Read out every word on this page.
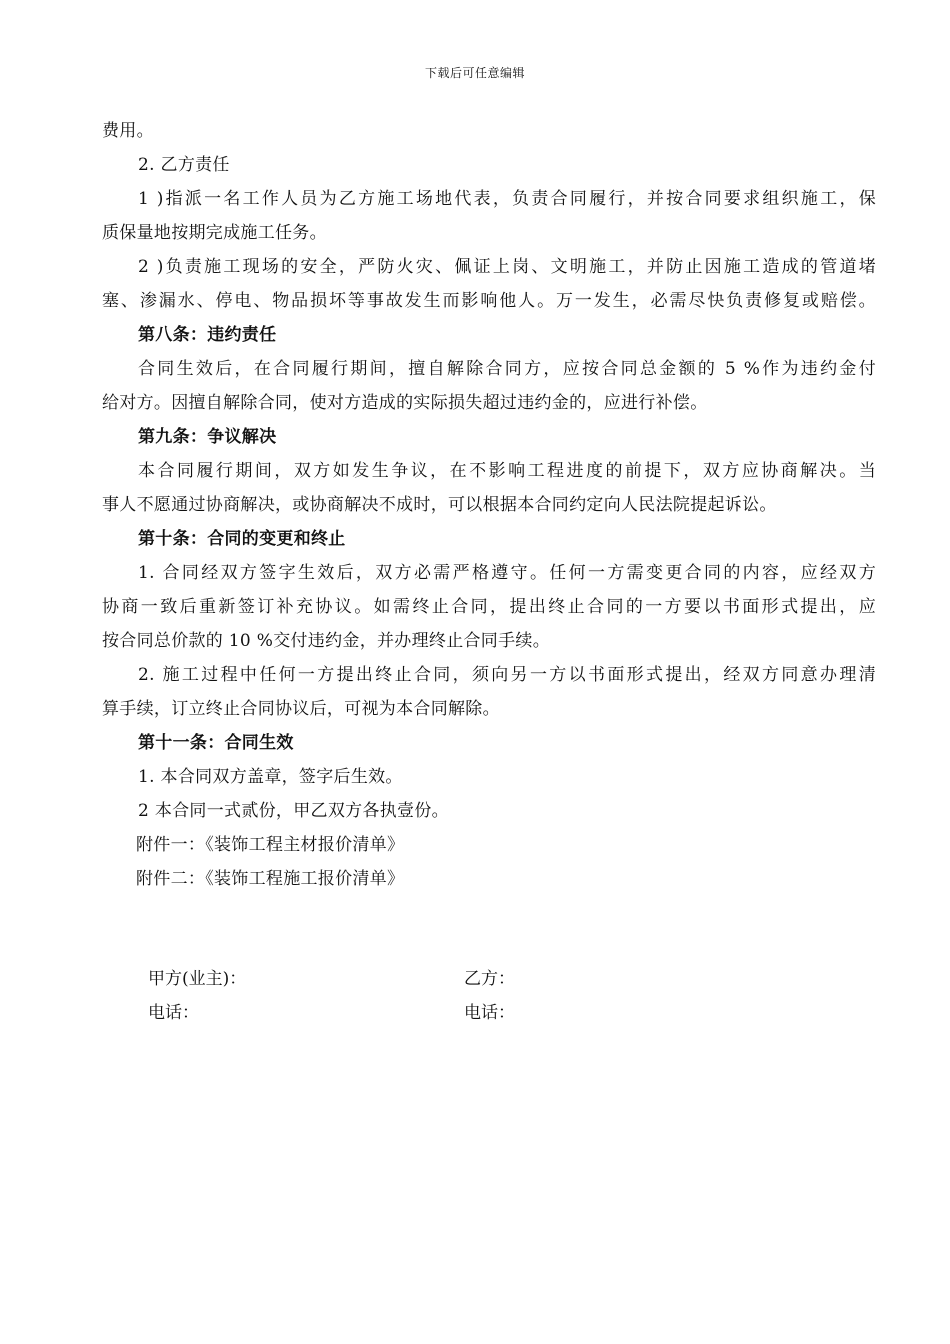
下载后可任意编辑

费用。

2. 乙方责任

1 )指派一名工作人员为乙方施工场地代表，负责合同履行，并按合同要求组织施工，保

质保量地按期完成施工任务。

2 )负责施工现场的安全，严防火灾、佩证上岗、文明施工，并防止因施工造成的管道堵

塞、渗漏水、停电、物品损坏等事故发生而影响他人。万一发生，必需尽快负责修复或赔偿。

第八条：违约责任

合同生效后，在合同履行期间，擅自解除合同方，应按合同总金额的 5 %作为违约金付

给对方。因擅自解除合同，使对方造成的实际损失超过违约金的，应进行补偿。

第九条：争议解决

本合同履行期间，双方如发生争议，在不影响工程进度的前提下，双方应协商解决。当

事人不愿通过协商解决，或协商解决不成时，可以根据本合同约定向人民法院提起诉讼。

第十条：合同的变更和终止

1. 合同经双方签字生效后，双方必需严格遵守。任何一方需变更合同的内容，应经双方

协商一致后重新签订补充协议。如需终止合同，提出终止合同的一方要以书面形式提出，应

按合同总价款的 10 %交付违约金，并办理终止合同手续。

2. 施工过程中任何一方提出终止合同，须向另一方以书面形式提出，经双方同意办理清

算手续，订立终止合同协议后，可视为本合同解除。

第十一条：合同生效

1. 本合同双方盖章，签字后生效。

2 本合同一式贰份，甲乙双方各执壹份。

附件一：《装饰工程主材报价清单》

附件二：《装饰工程施工报价清单》

甲方(业主)：	乙方：
电话：	电话：
